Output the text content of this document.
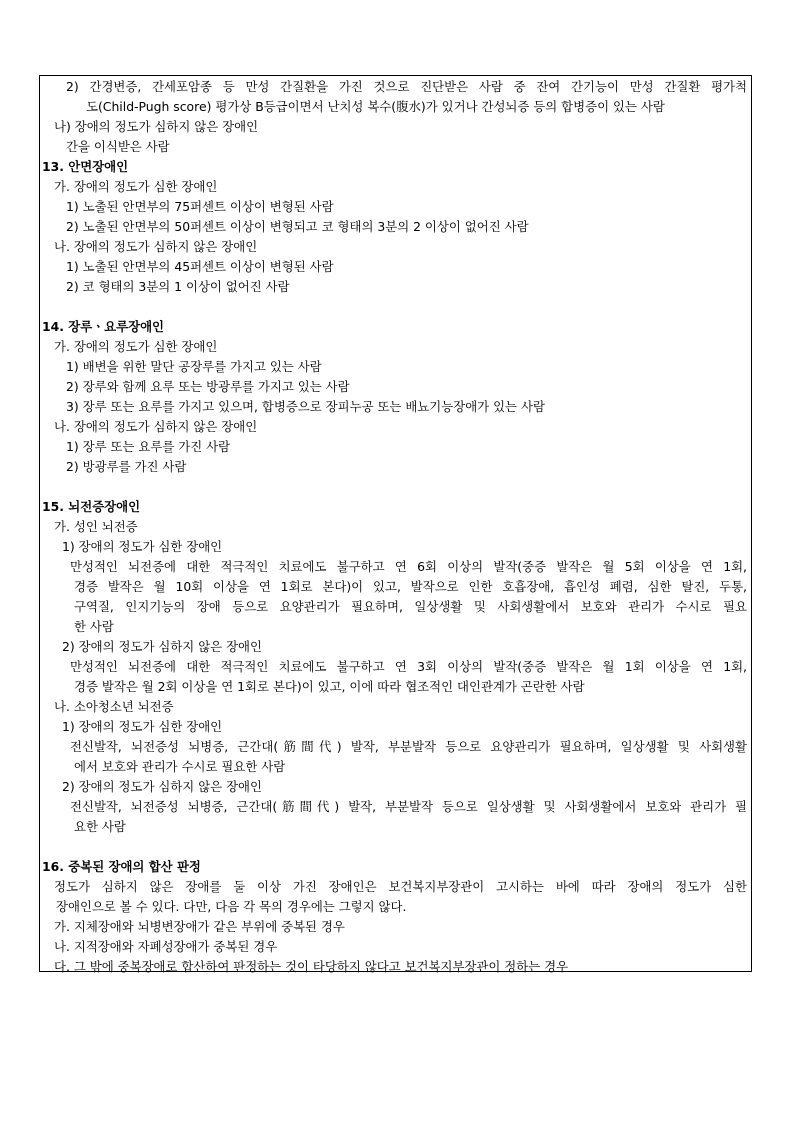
2) 간경변증, 간세포암종 등 만성 간질환을 가진 것으로 진단받은 사람 중 잔여 간기능이 만성 간질환 평가척
도(Child-Pugh score) 평가상 B등급이면서 난치성 복수(腹水)가 있거나 간성뇌증 등의 합병증이 있는 사람
나) 장애의 정도가 심하지 않은 장애인
간을 이식받은 사람
13. 안면장애인
가. 장애의 정도가 심한 장애인
1) 노출된 안면부의 75퍼센트 이상이 변형된 사람
2) 노출된 안면부의 50퍼센트 이상이 변형되고 코 형태의 3분의 2 이상이 없어진 사람
나. 장애의 정도가 심하지 않은 장애인
1) 노출된 안면부의 45퍼센트 이상이 변형된 사람
2) 코 형태의 3분의 1 이상이 없어진 사람
14. 장루ㆍ요루장애인
가. 장애의 정도가 심한 장애인
1) 배변을 위한 말단 공장루를 가지고 있는 사람
2) 장루와 함께 요루 또는 방광루를 가지고 있는 사람
3) 장루 또는 요루를 가지고 있으며, 합병증으로 장피누공 또는 배뇨기능장애가 있는 사람
나. 장애의 정도가 심하지 않은 장애인
1) 장루 또는 요루를 가진 사람
2) 방광루를 가진 사람
15. 뇌전증장애인
가. 성인 뇌전증
1) 장애의 정도가 심한 장애인
만성적인 뇌전증에 대한 적극적인 치료에도 불구하고 연 6회 이상의 발작(중증 발작은 월 5회 이상을 연 1회,
경증 발작은 월 10회 이상을 연 1회로 본다)이 있고, 발작으로 인한 호흡장애, 흡인성 폐렴, 심한 탈진, 두통,
구역질, 인지기능의 장애 등으로 요양관리가 필요하며, 일상생활 및 사회생활에서 보호와 관리가 수시로 필요
한 사람
2) 장애의 정도가 심하지 않은 장애인
만성적인 뇌전증에 대한 적극적인 치료에도 불구하고 연 3회 이상의 발작(중증 발작은 월 1회 이상을 연 1회,
경증 발작은 월 2회 이상을 연 1회로 본다)이 있고, 이에 따라 협조적인 대인관계가 곤란한 사람
나. 소아청소년 뇌전증
1) 장애의 정도가 심한 장애인
전신발작, 뇌전증성 뇌병증, 근간대(筋間代) 발작, 부분발작 등으로 요양관리가 필요하며, 일상생활 및 사회생활
에서 보호와 관리가 수시로 필요한 사람
2) 장애의 정도가 심하지 않은 장애인
전신발작, 뇌전증성 뇌병증, 근간대(筋間代) 발작, 부분발작 등으로 일상생활 및 사회생활에서 보호와 관리가 필
요한 사람
16. 중복된 장애의 합산 판정
정도가 심하지 않은 장애를 둘 이상 가진 장애인은 보건복지부장관이 고시하는 바에 따라 장애의 정도가 심한
장애인으로 볼 수 있다. 다만, 다음 각 목의 경우에는 그렇지 않다.
가. 지체장애와 뇌병변장애가 같은 부위에 중복된 경우
나. 지적장애와 자폐성장애가 중복된 경우
다. 그 밖에 중복장애로 합산하여 판정하는 것이 타당하지 않다고 보건복지부장관이 정하는 경우
